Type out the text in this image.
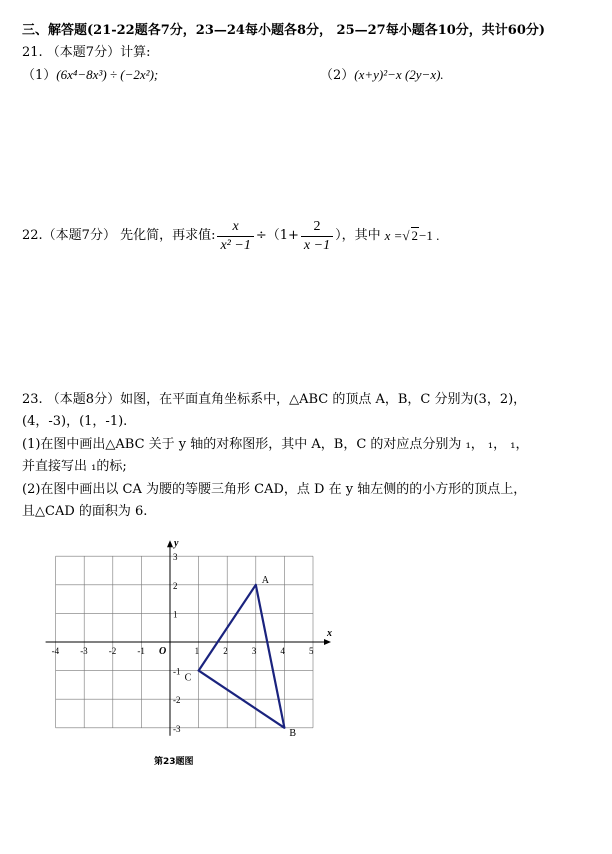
三、解答题(21-22题各7分，23—24每小题各8分， 25—27每小题各10分，共计60分)
21. （本题7分）计算:
（1）(6x⁴−8x³) ÷ (−2x²);	（2）(x+y)²−x (2y−x).
22.（本题7分） 先化简，再求值: $\frac{x}{\text{x² −1}} \div (1+ \frac{2}{x -1}$ ），其中 x = √ 2 −1 .
23. （本题8分）如图，在平面直角坐标系中，△ABC 的顶点 A，B，C 分别为(3，2)，
(4，-3)，(1，-1).
(1)在图中画出△ABC 关于 y 轴的对称图形，其中 A，B，C 的对应点分别为 ₁， ₁， ₁，
并直接写出 ₁的标;
(2)在图中画出以 CA 为腰的等腰三角形 CAD，点 D 在 y 轴左侧的的小方形的顶点上，
且△CAD 的面积为 6.
x
y
O
-4 -3 -2 -1	1	2	3	4	5
3
2
1
-1
-2
-3
A
B
C
第23题图
